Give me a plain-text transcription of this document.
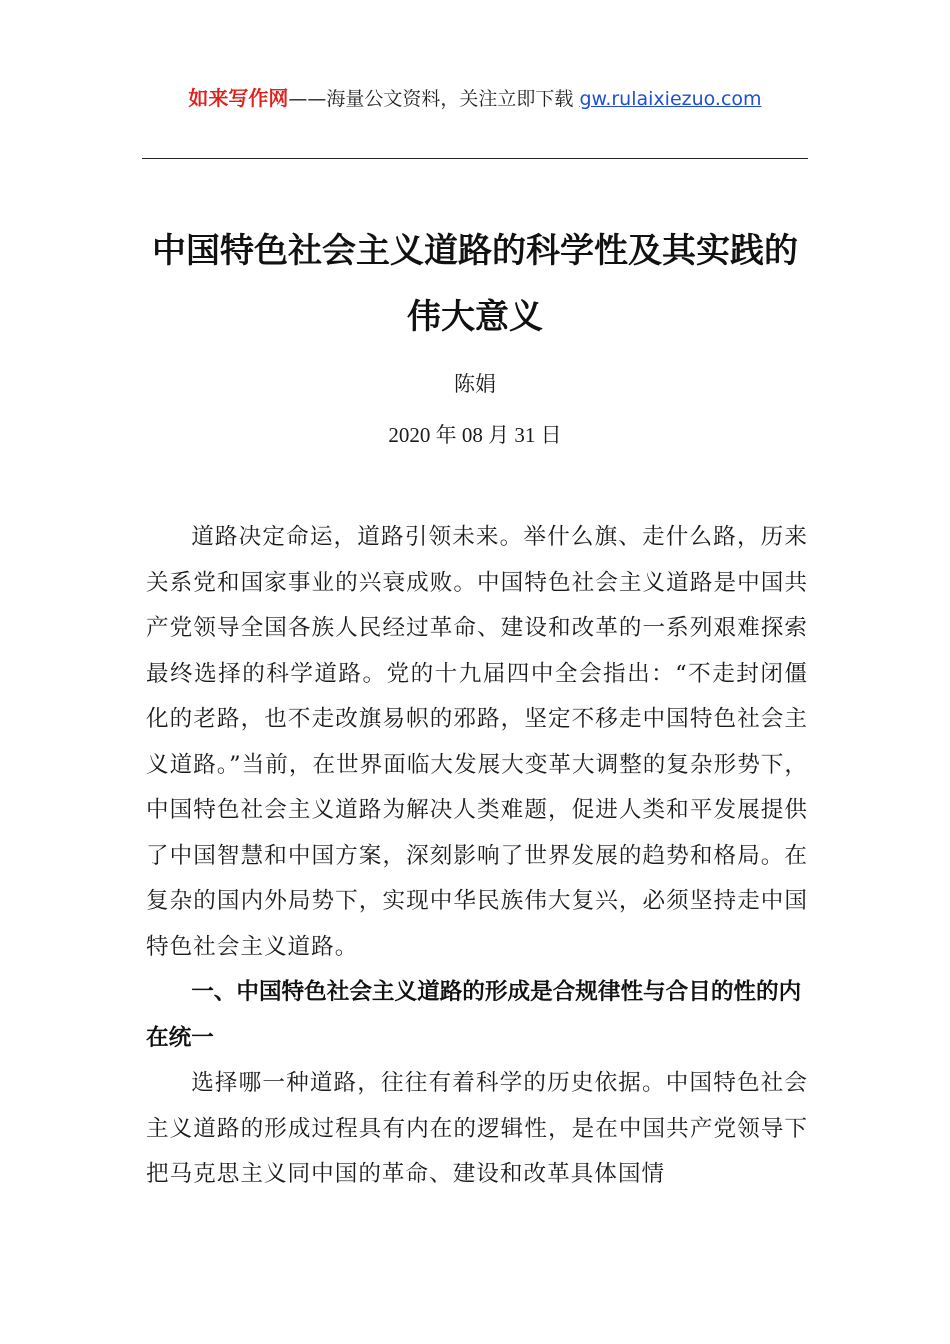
如来写作网——海量公文资料，关注立即下载 gw.rulaixiezuo.com
中国特色社会主义道路的科学性及其实践的伟大意义
陈娟
2020 年 08 月 31 日

道路决定命运，道路引领未来。举什么旗、走什么路，历来关系党和国家事业的兴衰成败。中国特色社会主义道路是中国共产党领导全国各族人民经过革命、建设和改革的一系列艰难探索最终选择的科学道路。党的十九届四中全会指出：“不走封闭僵化的老路，也不走改旗易帜的邪路，坚定不移走中国特色社会主义道路。”当前，在世界面临大发展大变革大调整的复杂形势下，中国特色社会主义道路为解决人类难题，促进人类和平发展提供了中国智慧和中国方案，深刻影响了世界发展的趋势和格局。在复杂的国内外局势下，实现中华民族伟大复兴，必须坚持走中国特色社会主义道路。

一、中国特色社会主义道路的形成是合规律性与合目的性的内在统一

选择哪一种道路，往往有着科学的历史依据。中国特色社会主义道路的形成过程具有内在的逻辑性，是在中国共产党领导下把马克思主义同中国的革命、建设和改革具体国情
